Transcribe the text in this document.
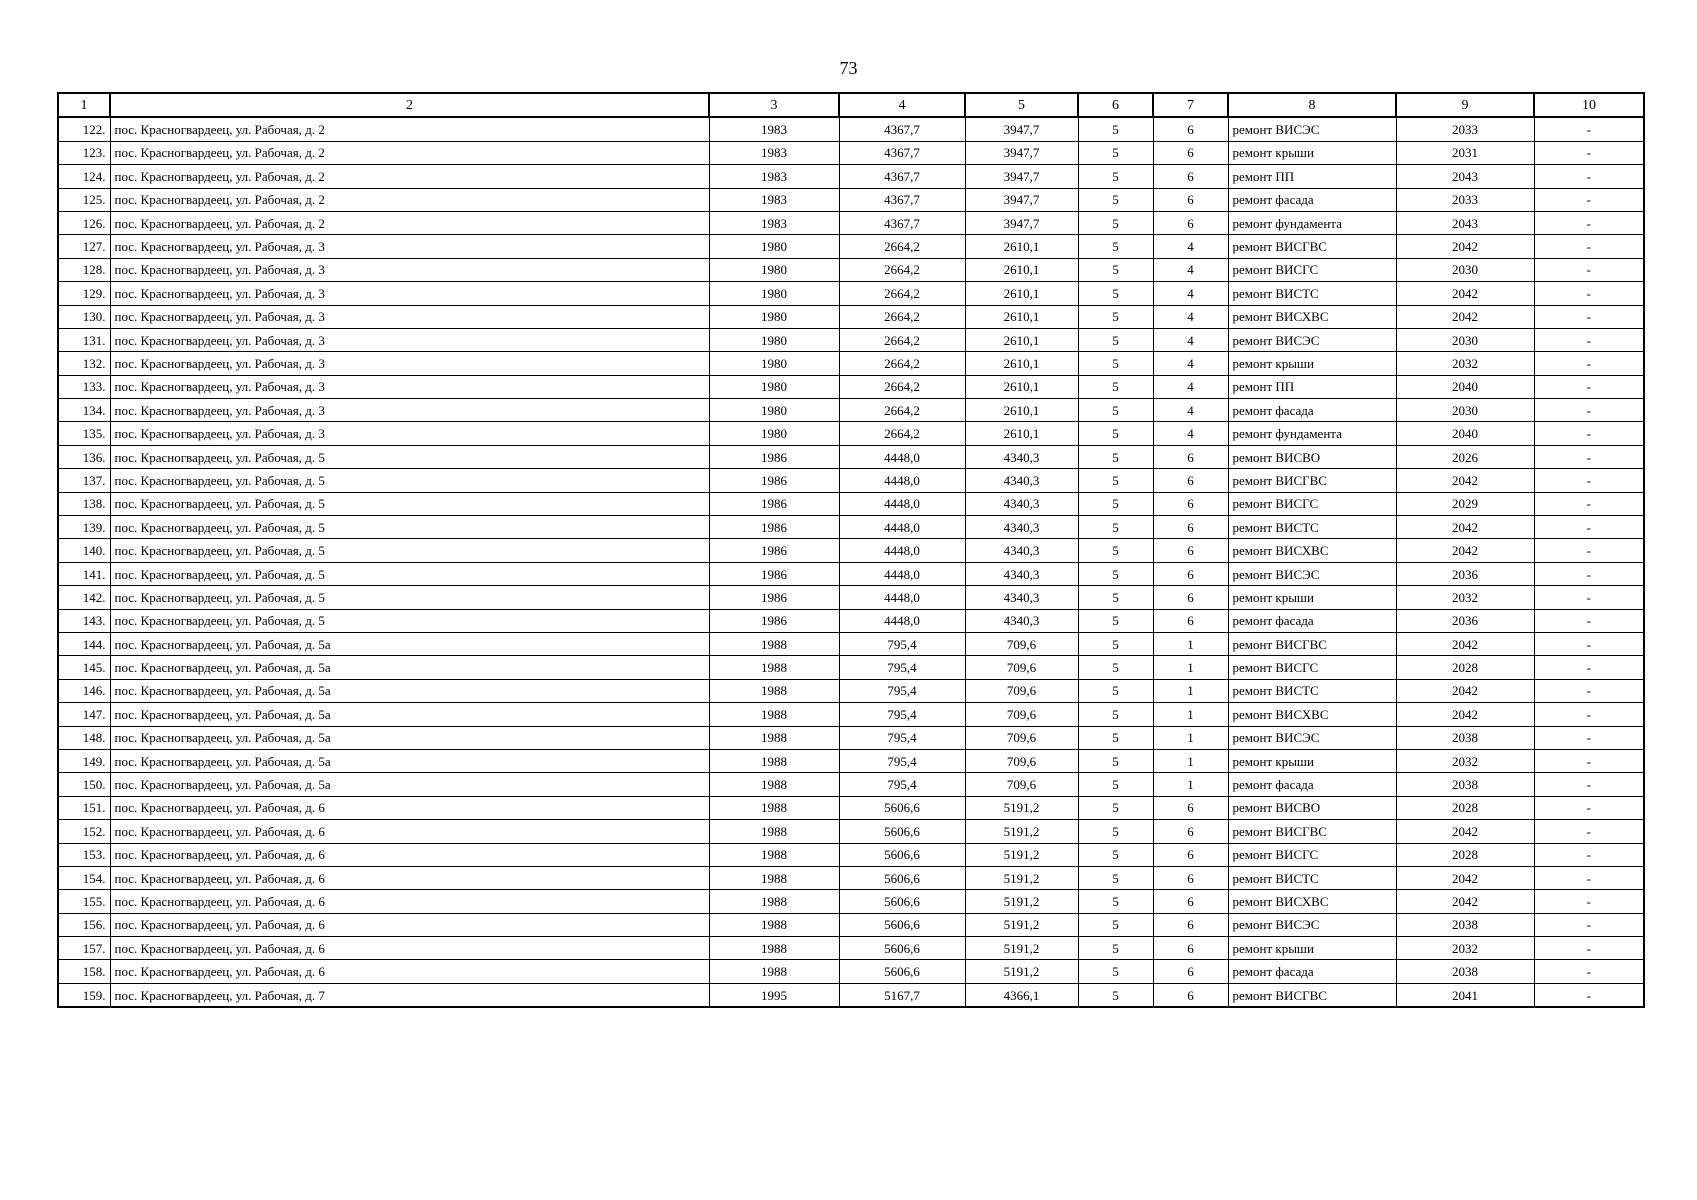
73
1	2	3	4	5	6	7	8	9	10
122.	пос. Красногвардеец, ул. Рабочая, д. 2	1983	4367,7	3947,7	5	6	ремонт ВИСЭС	2033	-
123.	пос. Красногвардеец, ул. Рабочая, д. 2	1983	4367,7	3947,7	5	6	ремонт крыши	2031	-
124.	пос. Красногвардеец, ул. Рабочая, д. 2	1983	4367,7	3947,7	5	6	ремонт ПП	2043	-
125.	пос. Красногвардеец, ул. Рабочая, д. 2	1983	4367,7	3947,7	5	6	ремонт фасада	2033	-
126.	пос. Красногвардеец, ул. Рабочая, д. 2	1983	4367,7	3947,7	5	6	ремонт фундамента	2043	-
127.	пос. Красногвардеец, ул. Рабочая, д. 3	1980	2664,2	2610,1	5	4	ремонт ВИСГВС	2042	-
128.	пос. Красногвардеец, ул. Рабочая, д. 3	1980	2664,2	2610,1	5	4	ремонт ВИСГС	2030	-
129.	пос. Красногвардеец, ул. Рабочая, д. 3	1980	2664,2	2610,1	5	4	ремонт ВИСТС	2042	-
130.	пос. Красногвардеец, ул. Рабочая, д. 3	1980	2664,2	2610,1	5	4	ремонт ВИСХВС	2042	-
131.	пос. Красногвардеец, ул. Рабочая, д. 3	1980	2664,2	2610,1	5	4	ремонт ВИСЭС	2030	-
132.	пос. Красногвардеец, ул. Рабочая, д. 3	1980	2664,2	2610,1	5	4	ремонт крыши	2032	-
133.	пос. Красногвардеец, ул. Рабочая, д. 3	1980	2664,2	2610,1	5	4	ремонт ПП	2040	-
134.	пос. Красногвардеец, ул. Рабочая, д. 3	1980	2664,2	2610,1	5	4	ремонт фасада	2030	-
135.	пос. Красногвардеец, ул. Рабочая, д. 3	1980	2664,2	2610,1	5	4	ремонт фундамента	2040	-
136.	пос. Красногвардеец, ул. Рабочая, д. 5	1986	4448,0	4340,3	5	6	ремонт ВИСВО	2026	-
137.	пос. Красногвардеец, ул. Рабочая, д. 5	1986	4448,0	4340,3	5	6	ремонт ВИСГВС	2042	-
138.	пос. Красногвардеец, ул. Рабочая, д. 5	1986	4448,0	4340,3	5	6	ремонт ВИСГС	2029	-
139.	пос. Красногвардеец, ул. Рабочая, д. 5	1986	4448,0	4340,3	5	6	ремонт ВИСТС	2042	-
140.	пос. Красногвардеец, ул. Рабочая, д. 5	1986	4448,0	4340,3	5	6	ремонт ВИСХВС	2042	-
141.	пос. Красногвардеец, ул. Рабочая, д. 5	1986	4448,0	4340,3	5	6	ремонт ВИСЭС	2036	-
142.	пос. Красногвардеец, ул. Рабочая, д. 5	1986	4448,0	4340,3	5	6	ремонт крыши	2032	-
143.	пос. Красногвардеец, ул. Рабочая, д. 5	1986	4448,0	4340,3	5	6	ремонт фасада	2036	-
144.	пос. Красногвардеец, ул. Рабочая, д. 5а	1988	795,4	709,6	5	1	ремонт ВИСГВС	2042	-
145.	пос. Красногвардеец, ул. Рабочая, д. 5а	1988	795,4	709,6	5	1	ремонт ВИСГС	2028	-
146.	пос. Красногвардеец, ул. Рабочая, д. 5а	1988	795,4	709,6	5	1	ремонт ВИСТС	2042	-
147.	пос. Красногвардеец, ул. Рабочая, д. 5а	1988	795,4	709,6	5	1	ремонт ВИСХВС	2042	-
148.	пос. Красногвардеец, ул. Рабочая, д. 5а	1988	795,4	709,6	5	1	ремонт ВИСЭС	2038	-
149.	пос. Красногвардеец, ул. Рабочая, д. 5а	1988	795,4	709,6	5	1	ремонт крыши	2032	-
150.	пос. Красногвардеец, ул. Рабочая, д. 5а	1988	795,4	709,6	5	1	ремонт фасада	2038	-
151.	пос. Красногвардеец, ул. Рабочая, д. 6	1988	5606,6	5191,2	5	6	ремонт ВИСВО	2028	-
152.	пос. Красногвардеец, ул. Рабочая, д. 6	1988	5606,6	5191,2	5	6	ремонт ВИСГВС	2042	-
153.	пос. Красногвардеец, ул. Рабочая, д. 6	1988	5606,6	5191,2	5	6	ремонт ВИСГС	2028	-
154.	пос. Красногвардеец, ул. Рабочая, д. 6	1988	5606,6	5191,2	5	6	ремонт ВИСТС	2042	-
155.	пос. Красногвардеец, ул. Рабочая, д. 6	1988	5606,6	5191,2	5	6	ремонт ВИСХВС	2042	-
156.	пос. Красногвардеец, ул. Рабочая, д. 6	1988	5606,6	5191,2	5	6	ремонт ВИСЭС	2038	-
157.	пос. Красногвардеец, ул. Рабочая, д. 6	1988	5606,6	5191,2	5	6	ремонт крыши	2032	-
158.	пос. Красногвардеец, ул. Рабочая, д. 6	1988	5606,6	5191,2	5	6	ремонт фасада	2038	-
159.	пос. Красногвардеец, ул. Рабочая, д. 7	1995	5167,7	4366,1	5	6	ремонт ВИСГВС	2041	-
